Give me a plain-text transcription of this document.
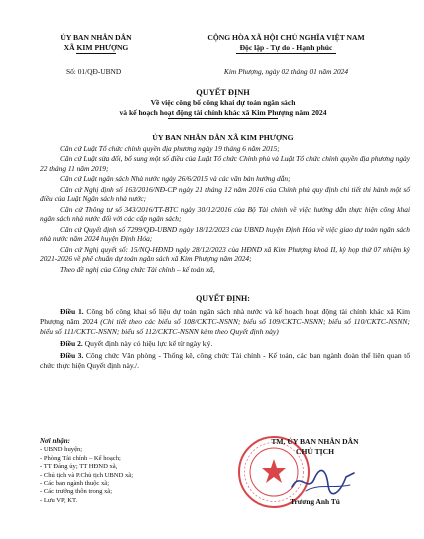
ỦY BAN NHÂN DÂN
XÃ KIM PHƯỢNG
CỘNG HÒA XÃ HỘI CHỦ NGHĨA VIỆT NAM
Độc lập - Tự do - Hạnh phúc
Số: 01/QĐ-UBND	Kim Phượng, ngày 02 tháng 01 năm 2024
QUYẾT ĐỊNH
Về việc công bố công khai dự toán ngân sách
và kế hoạch hoạt động tài chính khác xã Kim Phượng năm 2024
ỦY BAN NHÂN DÂN XÃ KIM PHƯỢNG

Căn cứ Luật Tổ chức chính quyền địa phương ngày 19 tháng 6 năm 2015;

Căn cứ Luật sửa đổi, bổ sung một số điều của Luật Tổ chức Chính phủ và Luật Tổ chức chính quyền địa phương ngày 22 tháng 11 năm 2019;

Căn cứ Luật ngân sách Nhà nước ngày 26/6/2015 và các văn bản hướng dẫn;

Căn cứ Nghị định số 163/2016/NĐ-CP ngày 21 tháng 12 năm 2016 của Chính phủ quy định chi tiết thi hành một số điều của Luật Ngân sách nhà nước;

Căn cứ Thông tư số 343/2016/TT-BTC ngày 30/12/2016 của Bộ Tài chính về việc hướng dẫn thực hiện công khai ngân sách nhà nước đối với các cấp ngân sách;

Căn cứ Quyết định số 7299/QĐ-UBND ngày 18/12/2023 của UBND huyện Định Hóa về việc giao dự toán ngân sách nhà nước năm 2024 huyện Định Hóa;

Căn cứ Nghị quyết số: 15/NQ-HĐND ngày 28/12/2023 của HĐND xã Kim Phượng khoá II, kỳ họp thứ 07 nhiệm kỳ 2021-2026 về phê chuẩn dự toán ngân sách xã Kim Phượng năm 2024;

Theo đề nghị của Công chức Tài chính – kế toán xã,

QUYẾT ĐỊNH:

Điều 1. Công bố công khai số liệu dự toán ngân sách nhà nước và kế hoạch hoạt động tài chính khác xã Kim Phượng năm 2024 (Chi tiết theo các biểu số 108/CKTC-NSNN; biểu số 109/CKTC-NSNN; biểu số 110/CKTC-NSNN; biểu số 111/CKTC-NSNN; biểu số 112/CKTC-NSNN kèm theo Quyết định này)

Điều 2. Quyết định này có hiệu lực kể từ ngày ký.

Điều 3. Công chức Văn phòng - Thống kê, công chức Tài chính - Kế toán, các ban ngành đoàn thể liên quan tổ chức thực hiện Quyết định này./.

Nơi nhận:
- UBND huyện;
- Phòng Tài chính – Kế hoạch;
- TT Đảng ủy; TT HĐND xã,
- Chủ tịch và P.Chủ tịch UBND xã;
- Các ban ngành thuộc xã;
- Các trưởng thôn trong xã;
- Lưu VP, KT.
TM. ỦY BAN NHÂN DÂN
CHỦ TỊCH
Trương Anh Tú
